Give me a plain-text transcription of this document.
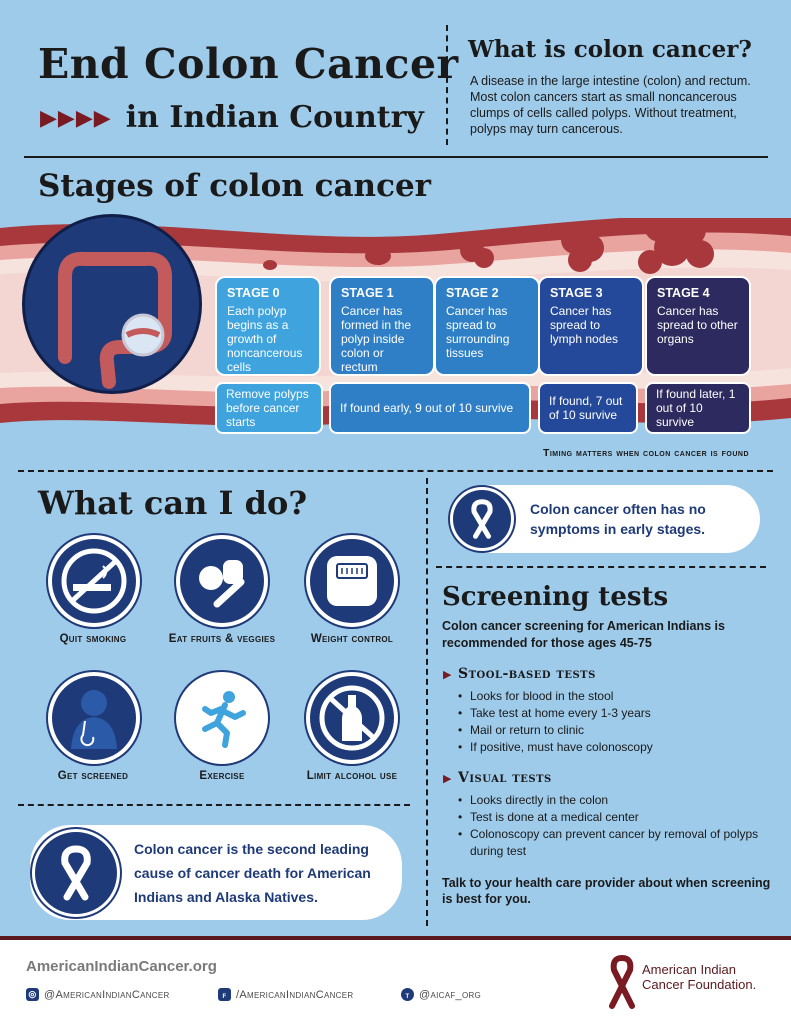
End Colon Cancer
▶▶▶▶ in Indian Country
What is colon cancer?
A disease in the large intestine (colon) and rectum. Most colon cancers start as small noncancerous clumps of cells called polyps. Without treatment, polyps may turn cancerous.
Stages of colon cancer
STAGE 0
Each polyp begins as a growth of noncancerous cells
STAGE 1
Cancer has formed in the polyp inside colon or rectum
STAGE 2
Cancer has spread to surrounding tissues
STAGE 3
Cancer has spread to lymph nodes
STAGE 4
Cancer has spread to other organs
Remove polyps before cancer starts
If found early, 9 out of 10 survive	If found, 7 out of 10 survive
If found later, 1 out of 10 survive
Timing matters when colon cancer is found
What can I do?
Quit smoking	Eat fruits & veggies	Weight control
Get screened	Exercise	Limit alcohol use
Colon cancer is the second leading cause of cancer death for American Indians and Alaska Natives.
Colon cancer often has no symptoms in early stages.
Screening tests
Colon cancer screening for American Indians is recommended for those ages 45-75
▶ Stool-based tests
• Looks for blood in the stool
• Take test at home every 1-3 years
• Mail or return to clinic
• If positive, must have colonoscopy
▶ Visual tests
• Looks directly in the colon
• Test is done at a medical center
• Colonoscopy can prevent cancer by removal of polyps during test
Talk to your health care provider about when screening is best for you.
AmericanIndianCancer.org
◎ @AmericanIndianCancer	f /AmericanIndianCancer	t @aicaf_org
American Indian
Cancer Foundation.
